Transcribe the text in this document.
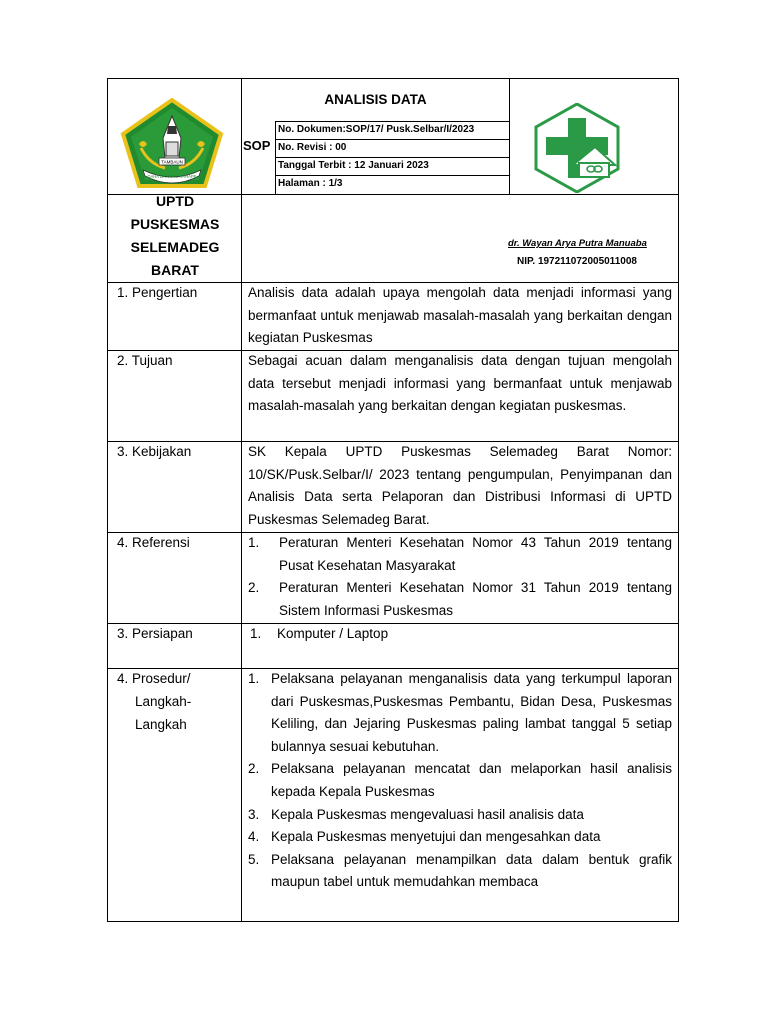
TAMBAUN
DAHA BAHAPIS HAHAPE
ANALISIS DATA
SOP
No. Dokumen:SOP/17/ Pusk.Selbar/I/2023
No. Revisi : 00
Tanggal Terbit : 12 Januari 2023
Halaman : 1/3
UPTD
PUSKESMAS
SELEMADEG
BARAT
dr. Wayan Arya Putra Manuaba
NIP. 197211072005011008
1. Pengertian	Analisis data adalah upaya mengolah data menjadi informasi yang bermanfaat untuk menjawab masalah-masalah yang berkaitan dengan kegiatan Puskesmas
2. Tujuan	Sebagai acuan dalam menganalisis data dengan tujuan mengolah data tersebut menjadi informasi yang bermanfaat untuk menjawab masalah-masalah yang berkaitan dengan kegiatan puskesmas.
3. Kebijakan	SK Kepala UPTD Puskesmas Selemadeg Barat Nomor: 10/SK/Pusk.Selbar/I/ 2023 tentang pengumpulan, Penyimpanan dan Analisis Data serta Pelaporan dan Distribusi Informasi di UPTD Puskesmas Selemadeg Barat.
4. Referensi	1. Peraturan Menteri Kesehatan Nomor 43 Tahun 2019 tentang Pusat Kesehatan Masyarakat
2. Peraturan Menteri Kesehatan Nomor 31 Tahun 2019 tentang Sistem Informasi Puskesmas
3. Persiapan	1. Komputer / Laptop
4. Prosedur/
Langkah-
Langkah
1. Pelaksana pelayanan menganalisis data yang terkumpul laporan dari Puskesmas,Puskesmas Pembantu, Bidan Desa, Puskesmas Keliling, dan Jejaring Puskesmas paling lambat tanggal 5 setiap bulannya sesuai kebutuhan.
2. Pelaksana pelayanan mencatat dan melaporkan hasil analisis kepada Kepala Puskesmas
3. Kepala Puskesmas mengevaluasi hasil analisis data
4. Kepala Puskesmas menyetujui dan mengesahkan data
5. Pelaksana pelayanan menampilkan data dalam bentuk grafik maupun tabel untuk memudahkan membaca
